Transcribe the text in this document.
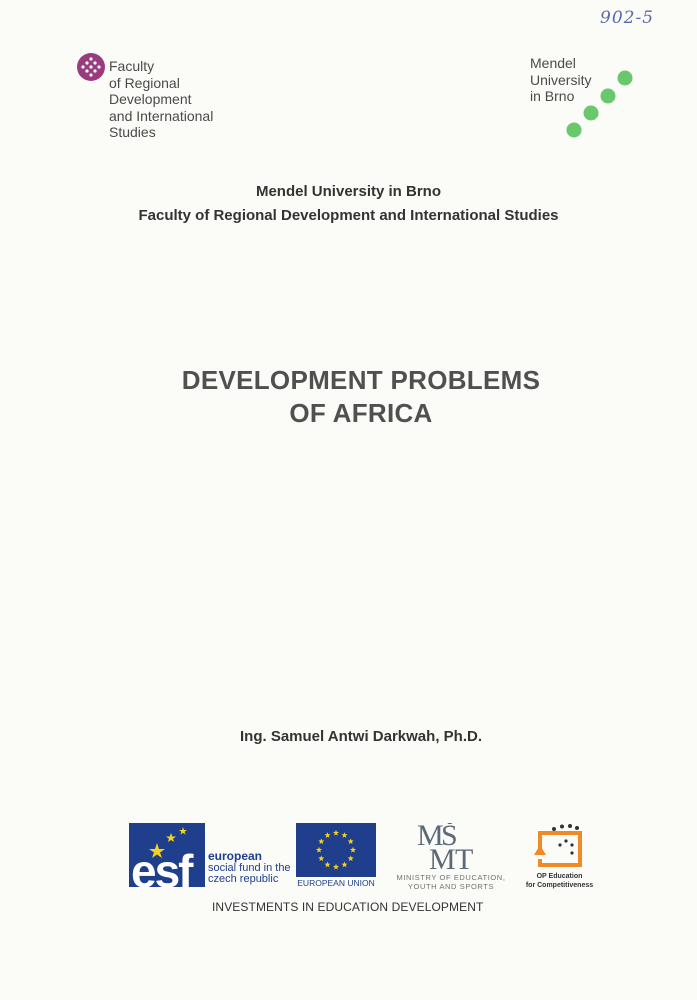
902-5
Faculty
of Regional
Development
and International
Studies
Mendel
University
in Brno
Mendel University in Brno
Faculty of Regional Development and International Studies
DEVELOPMENT PROBLEMS
OF AFRICA
Ing. Samuel Antwi Darkwah, Ph.D.
esf european
social fund in the
czech republic	EUROPEAN UNION
M
Š
M T
MINISTRY OF EDUCATION,
YOUTH AND SPORTS
OP Education
for Competitiveness
INVESTMENTS IN EDUCATION DEVELOPMENT
